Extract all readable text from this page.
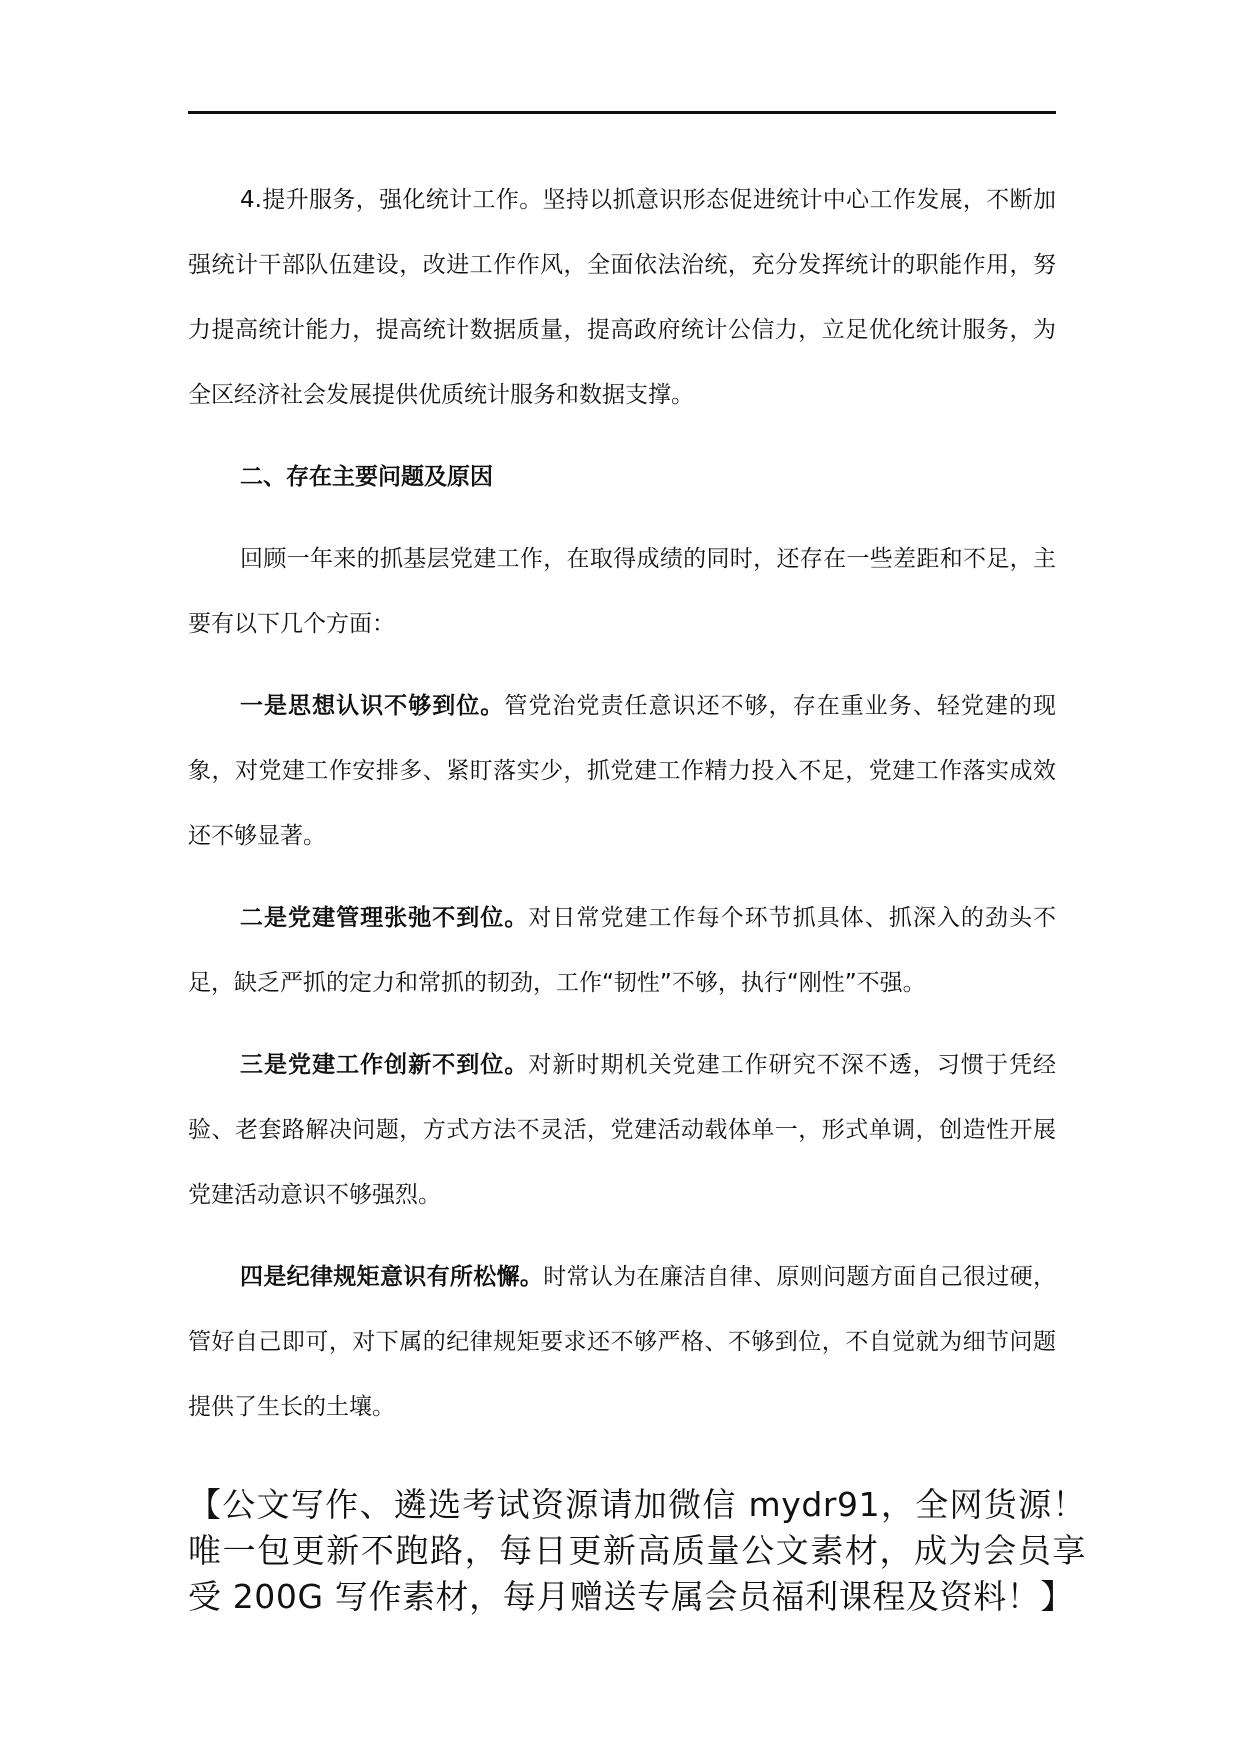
4.提升服务，强化统计工作。坚持以抓意识形态促进统计中心工作发展，不断加强统计干部队伍建设，改进工作作风，全面依法治统，充分发挥统计的职能作用，努力提高统计能力，提高统计数据质量，提高政府统计公信力，立足优化统计服务，为全区经济社会发展提供优质统计服务和数据支撑。

二、存在主要问题及原因

回顾一年来的抓基层党建工作，在取得成绩的同时，还存在一些差距和不足，主要有以下几个方面：

一是思想认识不够到位。管党治党责任意识还不够，存在重业务、轻党建的现象，对党建工作安排多、紧盯落实少，抓党建工作精力投入不足，党建工作落实成效还不够显著。

二是党建管理张弛不到位。对日常党建工作每个环节抓具体、抓深入的劲头不足，缺乏严抓的定力和常抓的韧劲，工作“韧性”不够，执行“刚性”不强。

三是党建工作创新不到位。对新时期机关党建工作研究不深不透，习惯于凭经验、老套路解决问题，方式方法不灵活，党建活动载体单一，形式单调，创造性开展党建活动意识不够强烈。

四是纪律规矩意识有所松懈。时常认为在廉洁自律、原则问题方面自己很过硬，管好自己即可，对下属的纪律规矩要求还不够严格、不够到位，不自觉就为细节问题提供了生长的土壤。

【公文写作、遴选考试资源请加微信 mydr91，全网货源！唯一包更新不跑路，每日更新高质量公文素材，成为会员享受 200G 写作素材，每月赠送专属会员福利课程及资料！】
